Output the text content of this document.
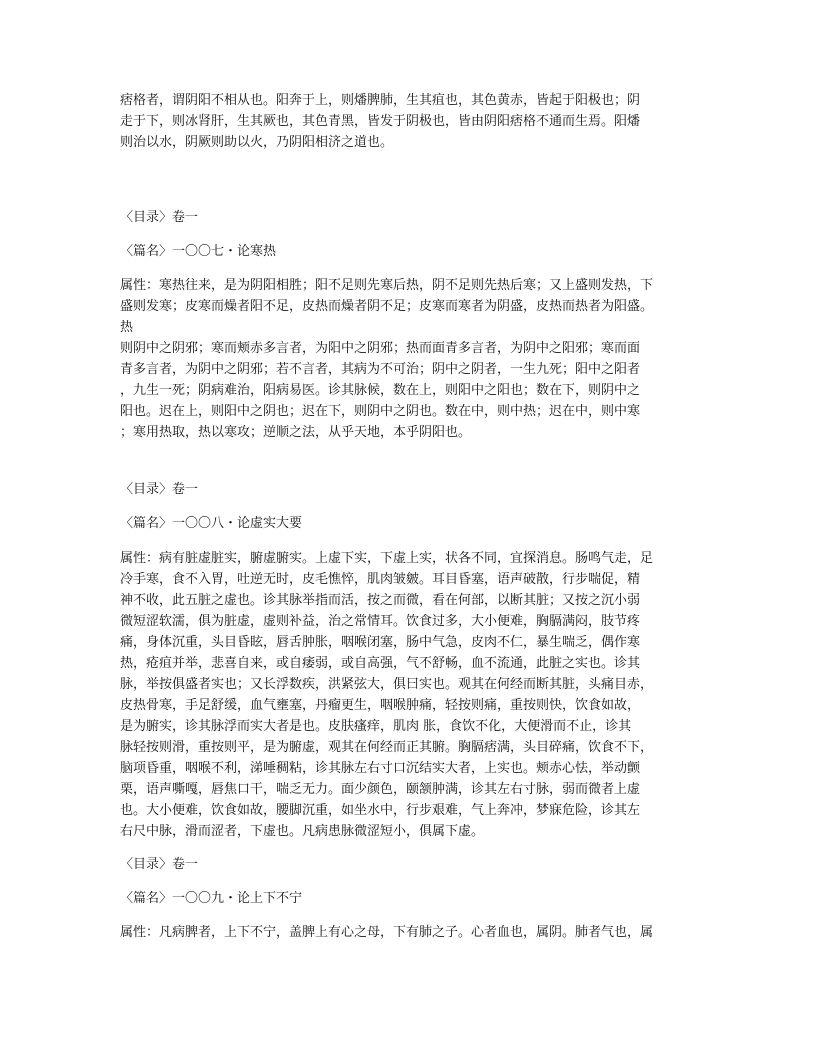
痞格者，谓阴阳不相从也。阳奔于上，则燔脾肺，生其疽也，其色黄赤，皆起于阳极也；阴
走于下，则冰肾肝，生其厥也，其色青黑，皆发于阴极也，皆由阴阳痞格不通而生焉。阳燔
则治以水，阴厥则助以火，乃阴阳相济之道也。
〈目录〉卷一
〈篇名〉一〇〇七・论寒热
属性：寒热往来，是为阴阳相胜；阳不足则先寒后热，阴不足则先热后寒；又上盛则发热，下
盛则发寒；皮寒而燥者阳不足，皮热而燥者阴不足；皮寒而寒者为阴盛，皮热而热者为阳盛。
热
则阴中之阴邪；寒而颊赤多言者，为阳中之阴邪；热而面青多言者，为阴中之阳邪；寒而面
青多言者，为阴中之阴邪；若不言者，其病为不可治；阴中之阴者，一生九死；阳中之阳者
，九生一死；阴病难治，阳病易医。诊其脉候，数在上，则阳中之阳也；数在下，则阴中之
阳也。迟在上，则阳中之阴也；迟在下，则阴中之阴也。数在中，则中热；迟在中，则中寒
；寒用热取，热以寒攻；逆顺之法，从乎天地，本乎阴阳也。
〈目录〉卷一
〈篇名〉一〇〇八・论虚实大要
属性：病有脏虚脏实，腑虚腑实。上虚下实，下虚上实，状各不同，宜探消息。肠鸣气走，足
冷手寒，食不入胃，吐逆无时，皮毛憔悴，肌肉皱皴。耳目昏塞，语声破散，行步喘促，精
神不收，此五脏之虚也。诊其脉举指而活，按之而微，看在何部，以断其脏；又按之沉小弱
微短涩软濡，俱为脏虚，虚则补益，治之常情耳。饮食过多，大小便难，胸膈满闷，肢节疼
痛，身体沉重，头目昏眩，唇舌肿胀，咽喉闭塞，肠中气急，皮肉不仁，暴生喘乏，偶作寒
热，疮疽并举，悲喜自来，或自痿弱，或自高强，气不舒畅，血不流通，此脏之实也。诊其
脉，举按俱盛者实也；又长浮数疾，洪紧弦大，俱曰实也。观其在何经而断其脏，头痛目赤，
皮热骨寒，手足舒缓，血气壅塞，丹瘤更生，咽喉肿痛，轻按则痛，重按则快，饮食如故，
是为腑实，诊其脉浮而实大者是也。皮肤瘙痒，肌肉 胀，食饮不化，大便滑而不止，诊其
脉轻按则滑，重按则平，是为腑虚，观其在何经而正其腑。胸膈痞满，头目碎痛，饮食不下，
脑项昏重，咽喉不利，涕唾稠粘，诊其脉左右寸口沉结实大者，上实也。颊赤心怯，举动颤
栗，语声嘶嘎，唇焦口干，喘乏无力。面少颜色，颐颔肿满，诊其左右寸脉，弱而微者上虚
也。大小便难，饮食如故，腰脚沉重，如坐水中，行步艰难，气上奔冲，梦寐危险，诊其左
右尺中脉，滑而涩者，下虚也。凡病患脉微涩短小，俱属下虚。
〈目录〉卷一
〈篇名〉一〇〇九・论上下不宁
属性：凡病脾者，上下不宁，盖脾上有心之母，下有肺之子。心者血也，属阴。肺者气也，属
